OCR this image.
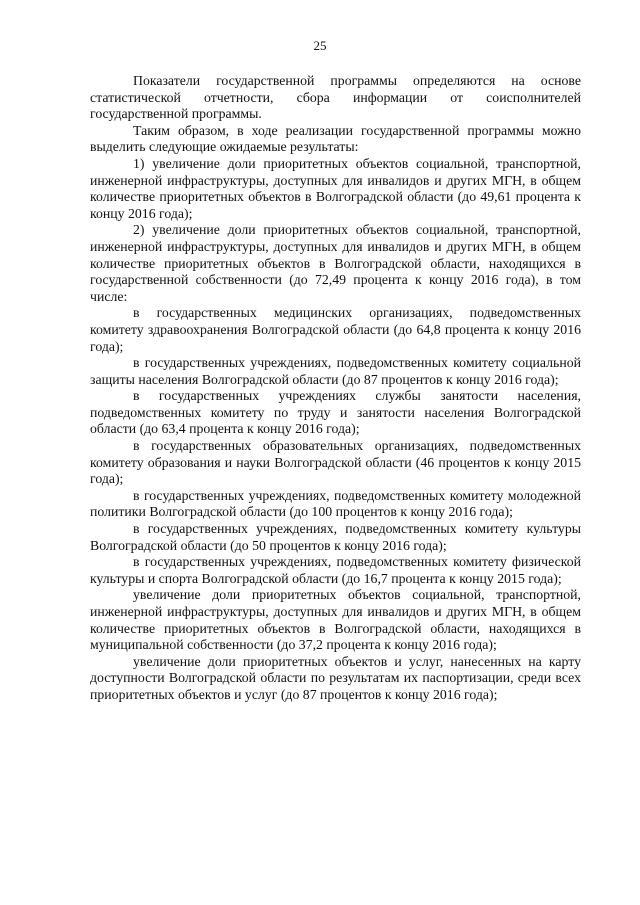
25

Показатели государственной программы определяются на основе статистической отчетности, сбора информации от соисполнителей государственной программы.

Таким образом, в ходе реализации государственной программы можно выделить следующие ожидаемые результаты:

1) увеличение доли приоритетных объектов социальной, транспортной, инженерной инфраструктуры, доступных для инвалидов и других МГН, в общем количестве приоритетных объектов в Волгоградской области (до 49,61 процента к концу 2016 года);

2) увеличение доли приоритетных объектов социальной, транспортной, инженерной инфраструктуры, доступных для инвалидов и других МГН, в общем количестве приоритетных объектов в Волгоградской области, находящихся в государственной собственности (до 72,49 процента к концу 2016 года), в том числе:

в государственных медицинских организациях, подведомственных комитету здравоохранения Волгоградской области (до 64,8 процента к концу 2016 года);

в государственных учреждениях, подведомственных комитету социальной защиты населения Волгоградской области (до 87 процентов к концу 2016 года);

в государственных учреждениях службы занятости населения, подведомственных комитету по труду и занятости населения Волгоградской области (до 63,4 процента к концу 2016 года);

в государственных образовательных организациях, подведомственных комитету образования и науки Волгоградской области (46 процентов к концу 2015 года);

в государственных учреждениях, подведомственных комитету молодежной политики Волгоградской области (до 100 процентов к концу 2016 года);

в государственных учреждениях, подведомственных комитету культуры Волгоградской области (до 50 процентов к концу 2016 года);

в государственных учреждениях, подведомственных комитету физической культуры и спорта Волгоградской области (до 16,7 процента к концу 2015 года);

увеличение доли приоритетных объектов социальной, транспортной, инженерной инфраструктуры, доступных для инвалидов и других МГН, в общем количестве приоритетных объектов в Волгоградской области, находящихся в муниципальной собственности (до 37,2 процента к концу 2016 года);

увеличение доли приоритетных объектов и услуг, нанесенных на карту доступности Волгоградской области по результатам их паспортизации, среди всех приоритетных объектов и услуг (до 87 процентов к концу 2016 года);
